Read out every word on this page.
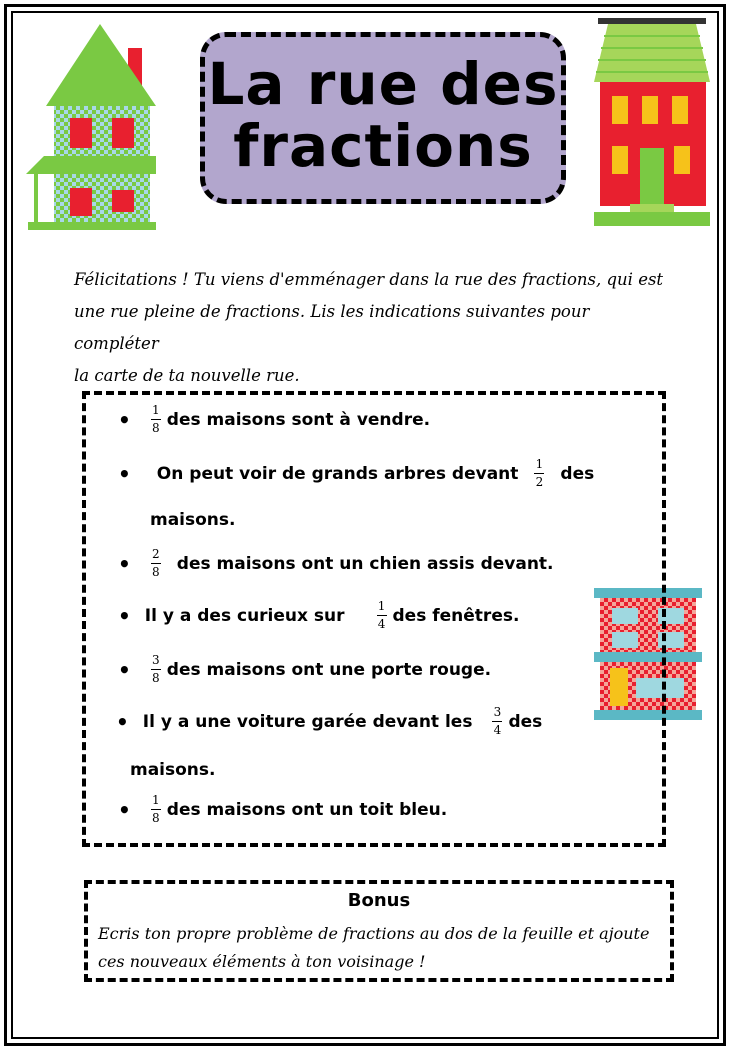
La rue des
fractions
Félicitations ! Tu viens d'emménager dans la rue des fractions, qui est
une rue pleine de fractions. Lis les indications suivantes pour compléter
la carte de ta nouvelle rue.
• $\frac{1}{8}$ des maisons sont à vendre.
• On peut voir de grands arbres devant $\frac{1}{2}$ des
maisons.
• $\frac{2}{8}$ des maisons ont un chien assis devant.
• Il y a des curieux sur	$\frac{1}{4}$ des fenêtres.
• $\frac{3}{8}$ des maisons ont une porte rouge.
• Il y a une voiture garée devant les $\frac{3}{4}$ des
maisons.
• $\frac{1}{8}$ des maisons ont un toit bleu.
Bonus
Ecris ton propre problème de fractions au dos de la feuille et ajoute
ces nouveaux éléments à ton voisinage !
